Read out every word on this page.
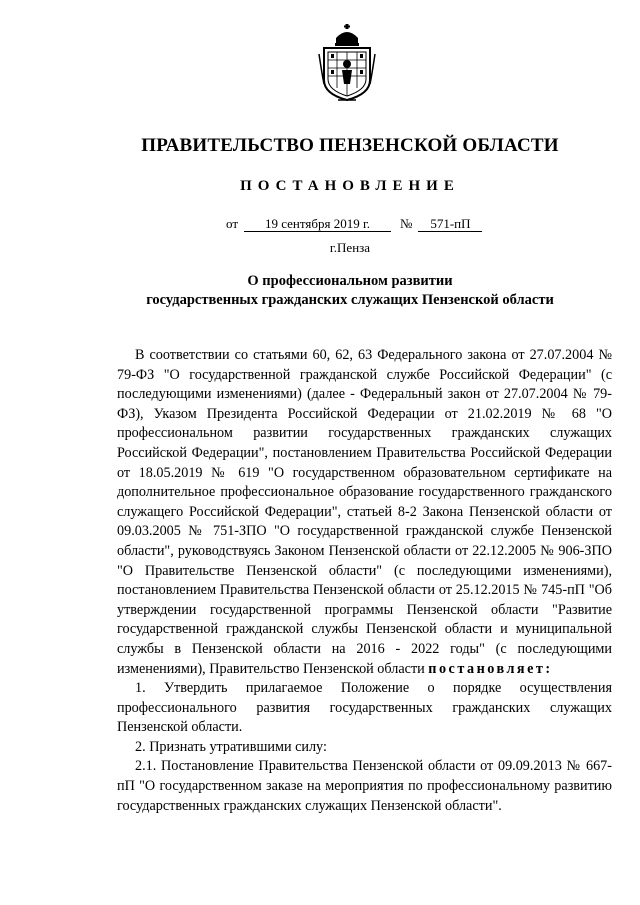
ПРАВИТЕЛЬСТВО ПЕНЗЕНСКОЙ ОБЛАСТИ
ПОСТАНОВЛЕНИЕ
от 19 сентября 2019 г. № 571-пП
г.Пенза
О профессиональном развитии
государственных гражданских служащих Пензенской области

В соответствии со статьями 60, 62, 63 Федерального закона от 27.07.2004 № 79-ФЗ "О государственной гражданской службе Российской Федерации" (с последующими изменениями) (далее - Федеральный закон от 27.07.2004 № 79-ФЗ), Указом Президента Российской Федерации от 21.02.2019 № 68 "О профессиональном развитии государственных гражданских служащих Российской Федерации", постановлением Правительства Российской Федерации от 18.05.2019 № 619 "О государственном образовательном сертификате на дополнительное профессиональное образование государственного гражданского служащего Российской Федерации", статьей 8-2 Закона Пензенской области от 09.03.2005 № 751-ЗПО "О государственной гражданской службе Пензенской области", руководствуясь Законом Пензенской области от 22.12.2005 № 906-ЗПО "О Правительстве Пензенской области" (с последующими изменениями), постановлением Правительства Пензенской области от 25.12.2015 № 745-пП "Об утверждении государственной программы Пензенской области "Развитие государственной гражданской службы Пензенской области и муниципальной службы в Пензенской области на 2016 - 2022 годы" (с последующими изменениями), Правительство Пензенской области постановляет:

1. Утвердить прилагаемое Положение о порядке осуществления профессионального развития государственных гражданских служащих Пензенской области.

2. Признать утратившими силу:

2.1. Постановление Правительства Пензенской области от 09.09.2013 № 667-пП "О государственном заказе на мероприятия по профессиональному развитию государственных гражданских служащих Пензенской области".
